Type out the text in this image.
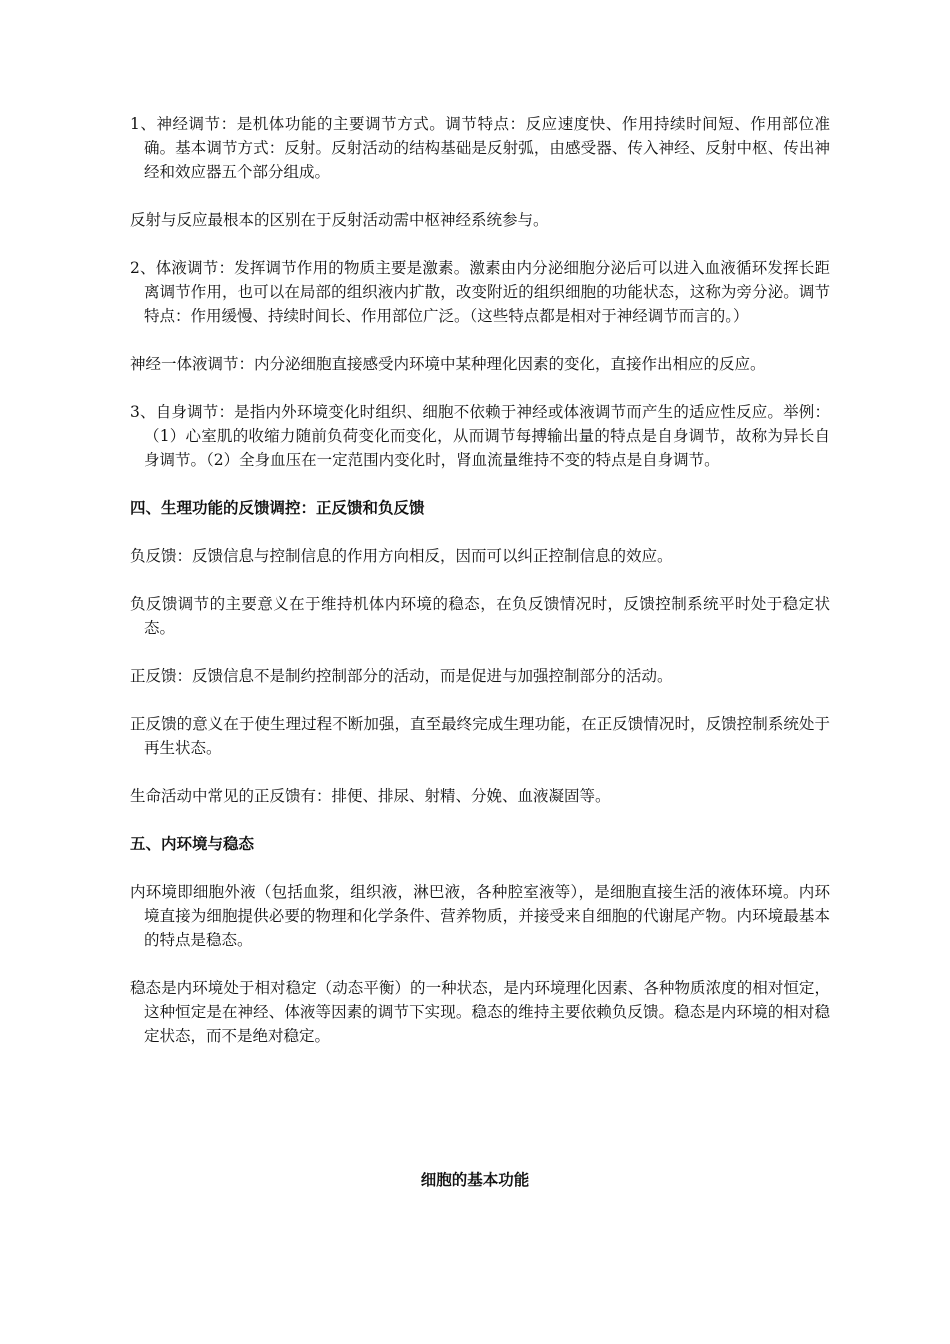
1、神经调节：是机体功能的主要调节方式。调节特点：反应速度快、作用持续时间短、作用部位准确。基本调节方式：反射。反射活动的结构基础是反射弧，由感受器、传入神经、反射中枢、传出神经和效应器五个部分组成。

反射与反应最根本的区别在于反射活动需中枢神经系统参与。

2、体液调节：发挥调节作用的物质主要是激素。激素由内分泌细胞分泌后可以进入血液循环发挥长距离调节作用，也可以在局部的组织液内扩散，改变附近的组织细胞的功能状态，这称为旁分泌。调节特点：作用缓慢、持续时间长、作用部位广泛。（这些特点都是相对于神经调节而言的。）

神经一体液调节：内分泌细胞直接感受内环境中某种理化因素的变化，直接作出相应的反应。

3、自身调节：是指内外环境变化时组织、细胞不依赖于神经或体液调节而产生的适应性反应。举例：（1）心室肌的收缩力随前负荷变化而变化，从而调节每搏输出量的特点是自身调节，故称为异长自身调节。（2）全身血压在一定范围内变化时，肾血流量维持不变的特点是自身调节。

四、生理功能的反馈调控：正反馈和负反馈

负反馈：反馈信息与控制信息的作用方向相反，因而可以纠正控制信息的效应。

负反馈调节的主要意义在于维持机体内环境的稳态，在负反馈情况时，反馈控制系统平时处于稳定状态。

正反馈：反馈信息不是制约控制部分的活动，而是促进与加强控制部分的活动。

正反馈的意义在于使生理过程不断加强，直至最终完成生理功能，在正反馈情况时，反馈控制系统处于再生状态。

生命活动中常见的正反馈有：排便、排尿、射精、分娩、血液凝固等。

五、内环境与稳态

内环境即细胞外液（包括血浆，组织液，淋巴液，各种腔室液等），是细胞直接生活的液体环境。内环境直接为细胞提供必要的物理和化学条件、营养物质，并接受来自细胞的代谢尾产物。内环境最基本的特点是稳态。

稳态是内环境处于相对稳定（动态平衡）的一种状态，是内环境理化因素、各种物质浓度的相对恒定，这种恒定是在神经、体液等因素的调节下实现。稳态的维持主要依赖负反馈。稳态是内环境的相对稳定状态，而不是绝对稳定。

细胞的基本功能
